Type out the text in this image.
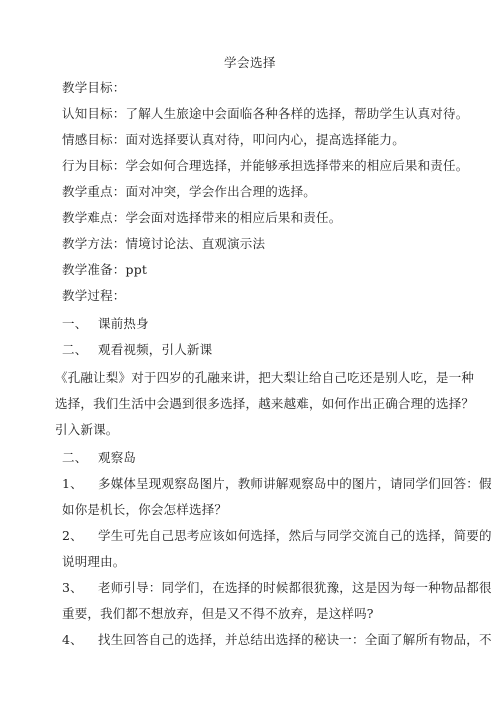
学会选择
教学目标：
认知目标：了解人生旅途中会面临各种各样的选择，帮助学生认真对待。
情感目标：面对选择要认真对待，叩问内心，提高选择能力。
行为目标：学会如何合理选择，并能够承担选择带来的相应后果和责任。
教学重点：面对冲突，学会作出合理的选择。
教学难点：学会面对选择带来的相应后果和责任。
教学方法：情境讨论法、直观演示法
教学准备：ppt
教学过程：
一、 课前热身
二、 观看视频，引人新课
《孔融让梨》对于四岁的孔融来讲，把大梨让给自己吃还是别人吃，是一种
选择，我们生活中会遇到很多选择，越来越难，如何作出正确合理的选择？
引入新课。
二、 观察岛
1、 多媒体呈现观察岛图片，教师讲解观察岛中的图片，请同学们回答：假
如你是机长，你会怎样选择？
2、 学生可先自己思考应该如何选择，然后与同学交流自己的选择，简要的
说明理由。
3、 老师引导：同学们，在选择的时候都很犹豫，这是因为每一种物品都很
重要，我们都不想放弃，但是又不得不放弃，是这样吗?
4、 找生回答自己的选择，并总结出选择的秘诀一：全面了解所有物品，不
